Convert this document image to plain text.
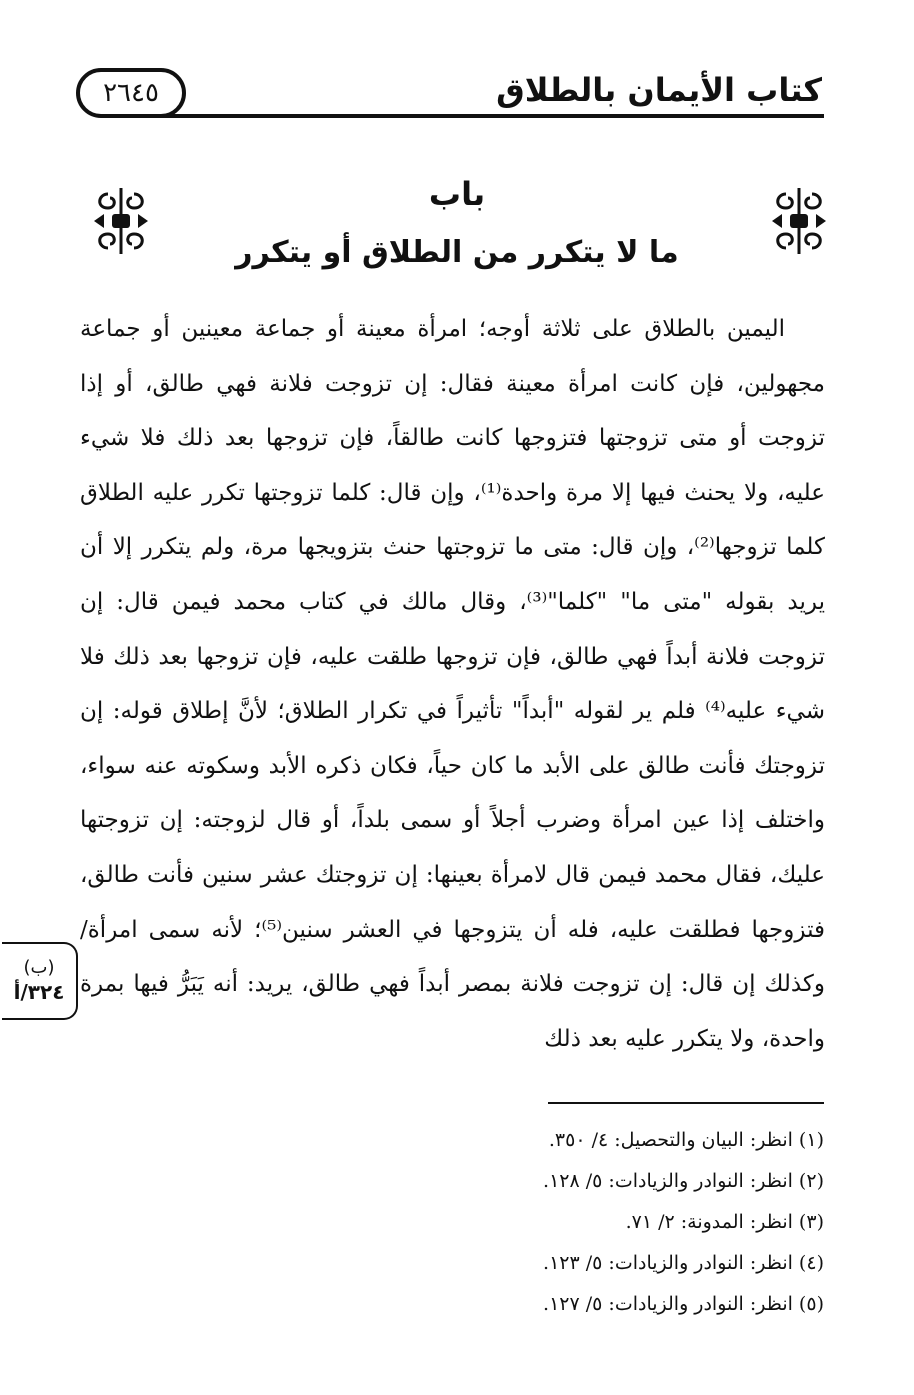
كتاب الأيمان بالطلاق
٢٦٤٥
باب
ما لا يتكرر من الطلاق أو يتكرر

اليمين بالطلاق على ثلاثة أوجه؛ امرأة معينة أو جماعة معينين أو جماعة مجهولين، فإن كانت امرأة معينة فقال: إن تزوجت فلانة فهي طالق، أو إذا تزوجت أو متى تزوجتها فتزوجها كانت طالقاً، فإن تزوجها بعد ذلك فلا شيء عليه، ولا يحنث فيها إلا مرة واحدة⁽¹⁾، وإن قال: كلما تزوجتها تكرر عليه الطلاق كلما تزوجها⁽²⁾، وإن قال: متى ما تزوجتها حنث بتزويجها مرة، ولم يتكرر إلا أن يريد بقوله "متى ما" "كلما"⁽³⁾، وقال مالك في كتاب محمد فيمن قال: إن تزوجت فلانة أبداً فهي طالق، فإن تزوجها طلقت عليه، فإن تزوجها بعد ذلك فلا شيء عليه⁽⁴⁾ فلم ير لقوله "أبداً" تأثيراً في تكرار الطلاق؛ لأنَّ إطلاق قوله: إن تزوجتك فأنت طالق على الأبد ما كان حياً، فكان ذكره الأبد وسكوته عنه سواء، واختلف إذا عين امرأة وضرب أجلاً أو سمى بلداً، أو قال لزوجته: إن تزوجتها عليك، فقال محمد فيمن قال لامرأة بعينها: إن تزوجتك عشر سنين فأنت طالق، فتزوجها فطلقت عليه، فله أن يتزوجها في العشر سنين⁽⁵⁾؛ لأنه سمى امرأة/ وكذلك إن قال: إن تزوجت فلانة بمصر أبداً فهي طالق، يريد: أنه يَبَرُّ فيها بمرة واحدة، ولا يتكرر عليه بعد ذلك

(ب)
٣٢٤/أ
(١) انظر: البيان والتحصيل: ٤/ ٣٥٠.
(٢) انظر: النوادر والزيادات: ٥/ ١٢٨.
(٣) انظر: المدونة: ٢/ ٧١.
(٤) انظر: النوادر والزيادات: ٥/ ١٢٣.
(٥) انظر: النوادر والزيادات: ٥/ ١٢٧.
